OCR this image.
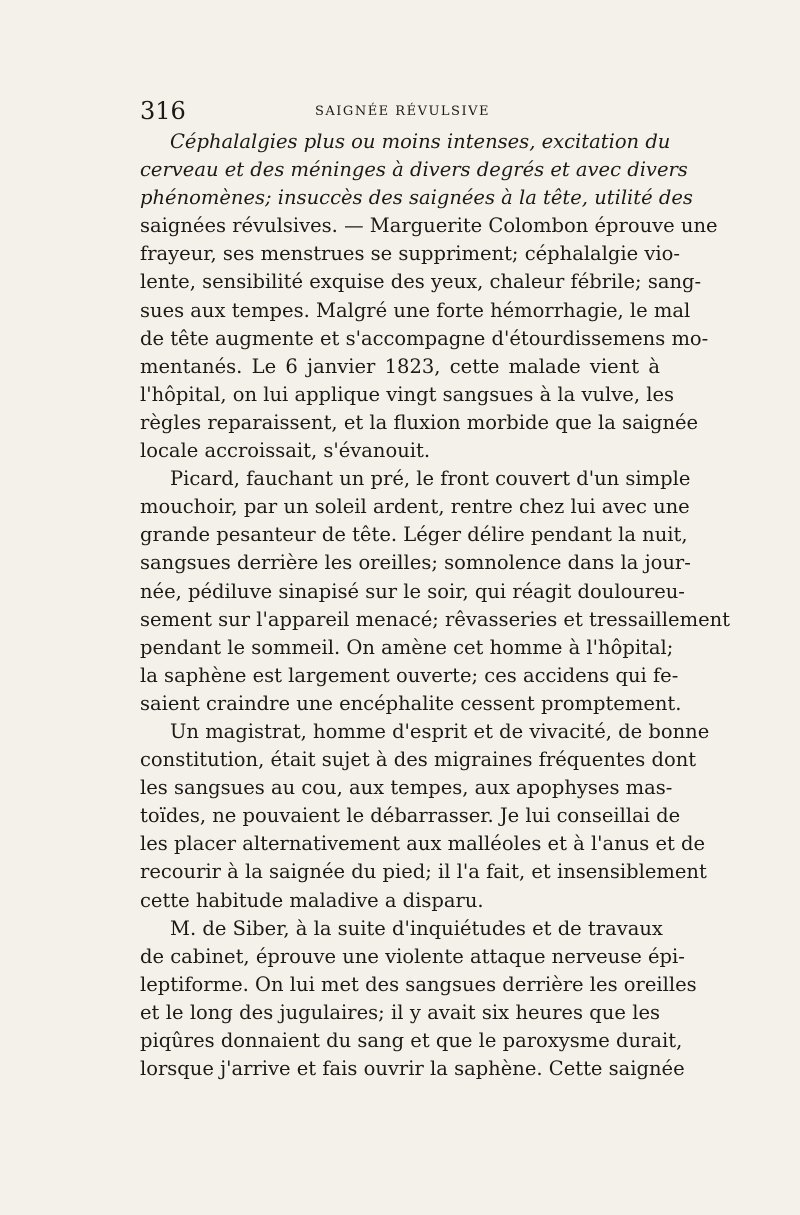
316	SAIGNÉE RÉVULSIVE
Céphalalgies plus ou moins intenses, excitation du
cerveau et des méninges à divers degrés et avec divers
phénomènes; insuccès des saignées à la tête, utilité des
saignées révulsives. — Marguerite Colombon éprouve une
frayeur, ses menstrues se suppriment; céphalalgie vio-
lente, sensibilité exquise des yeux, chaleur fébrile; sang-
sues aux tempes. Malgré une forte hémorrhagie, le mal
de tête augmente et s'accompagne d'étourdissemens mo-
mentanés. Le 6 janvier 1823, cette malade vient à
l'hôpital, on lui applique vingt sangsues à la vulve, les
règles reparaissent, et la fluxion morbide que la saignée
locale accroissait, s'évanouit.
Picard, fauchant un pré, le front couvert d'un simple
mouchoir, par un soleil ardent, rentre chez lui avec une
grande pesanteur de tête. Léger délire pendant la nuit,
sangsues derrière les oreilles; somnolence dans la jour-
née, pédiluve sinapisé sur le soir, qui réagit douloureu-
sement sur l'appareil menacé; rêvasseries et tressaillement
pendant le sommeil. On amène cet homme à l'hôpital;
la saphène est largement ouverte; ces accidens qui fe-
saient craindre une encéphalite cessent promptement.
Un magistrat, homme d'esprit et de vivacité, de bonne
constitution, était sujet à des migraines fréquentes dont
les sangsues au cou, aux tempes, aux apophyses mas-
toïdes, ne pouvaient le débarrasser. Je lui conseillai de
les placer alternativement aux malléoles et à l'anus et de
recourir à la saignée du pied; il l'a fait, et insensiblement
cette habitude maladive a disparu.
M. de Siber, à la suite d'inquiétudes et de travaux
de cabinet, éprouve une violente attaque nerveuse épi-
leptiforme. On lui met des sangsues derrière les oreilles
et le long des jugulaires; il y avait six heures que les
piqûres donnaient du sang et que le paroxysme durait,
lorsque j'arrive et fais ouvrir la saphène. Cette saignée
